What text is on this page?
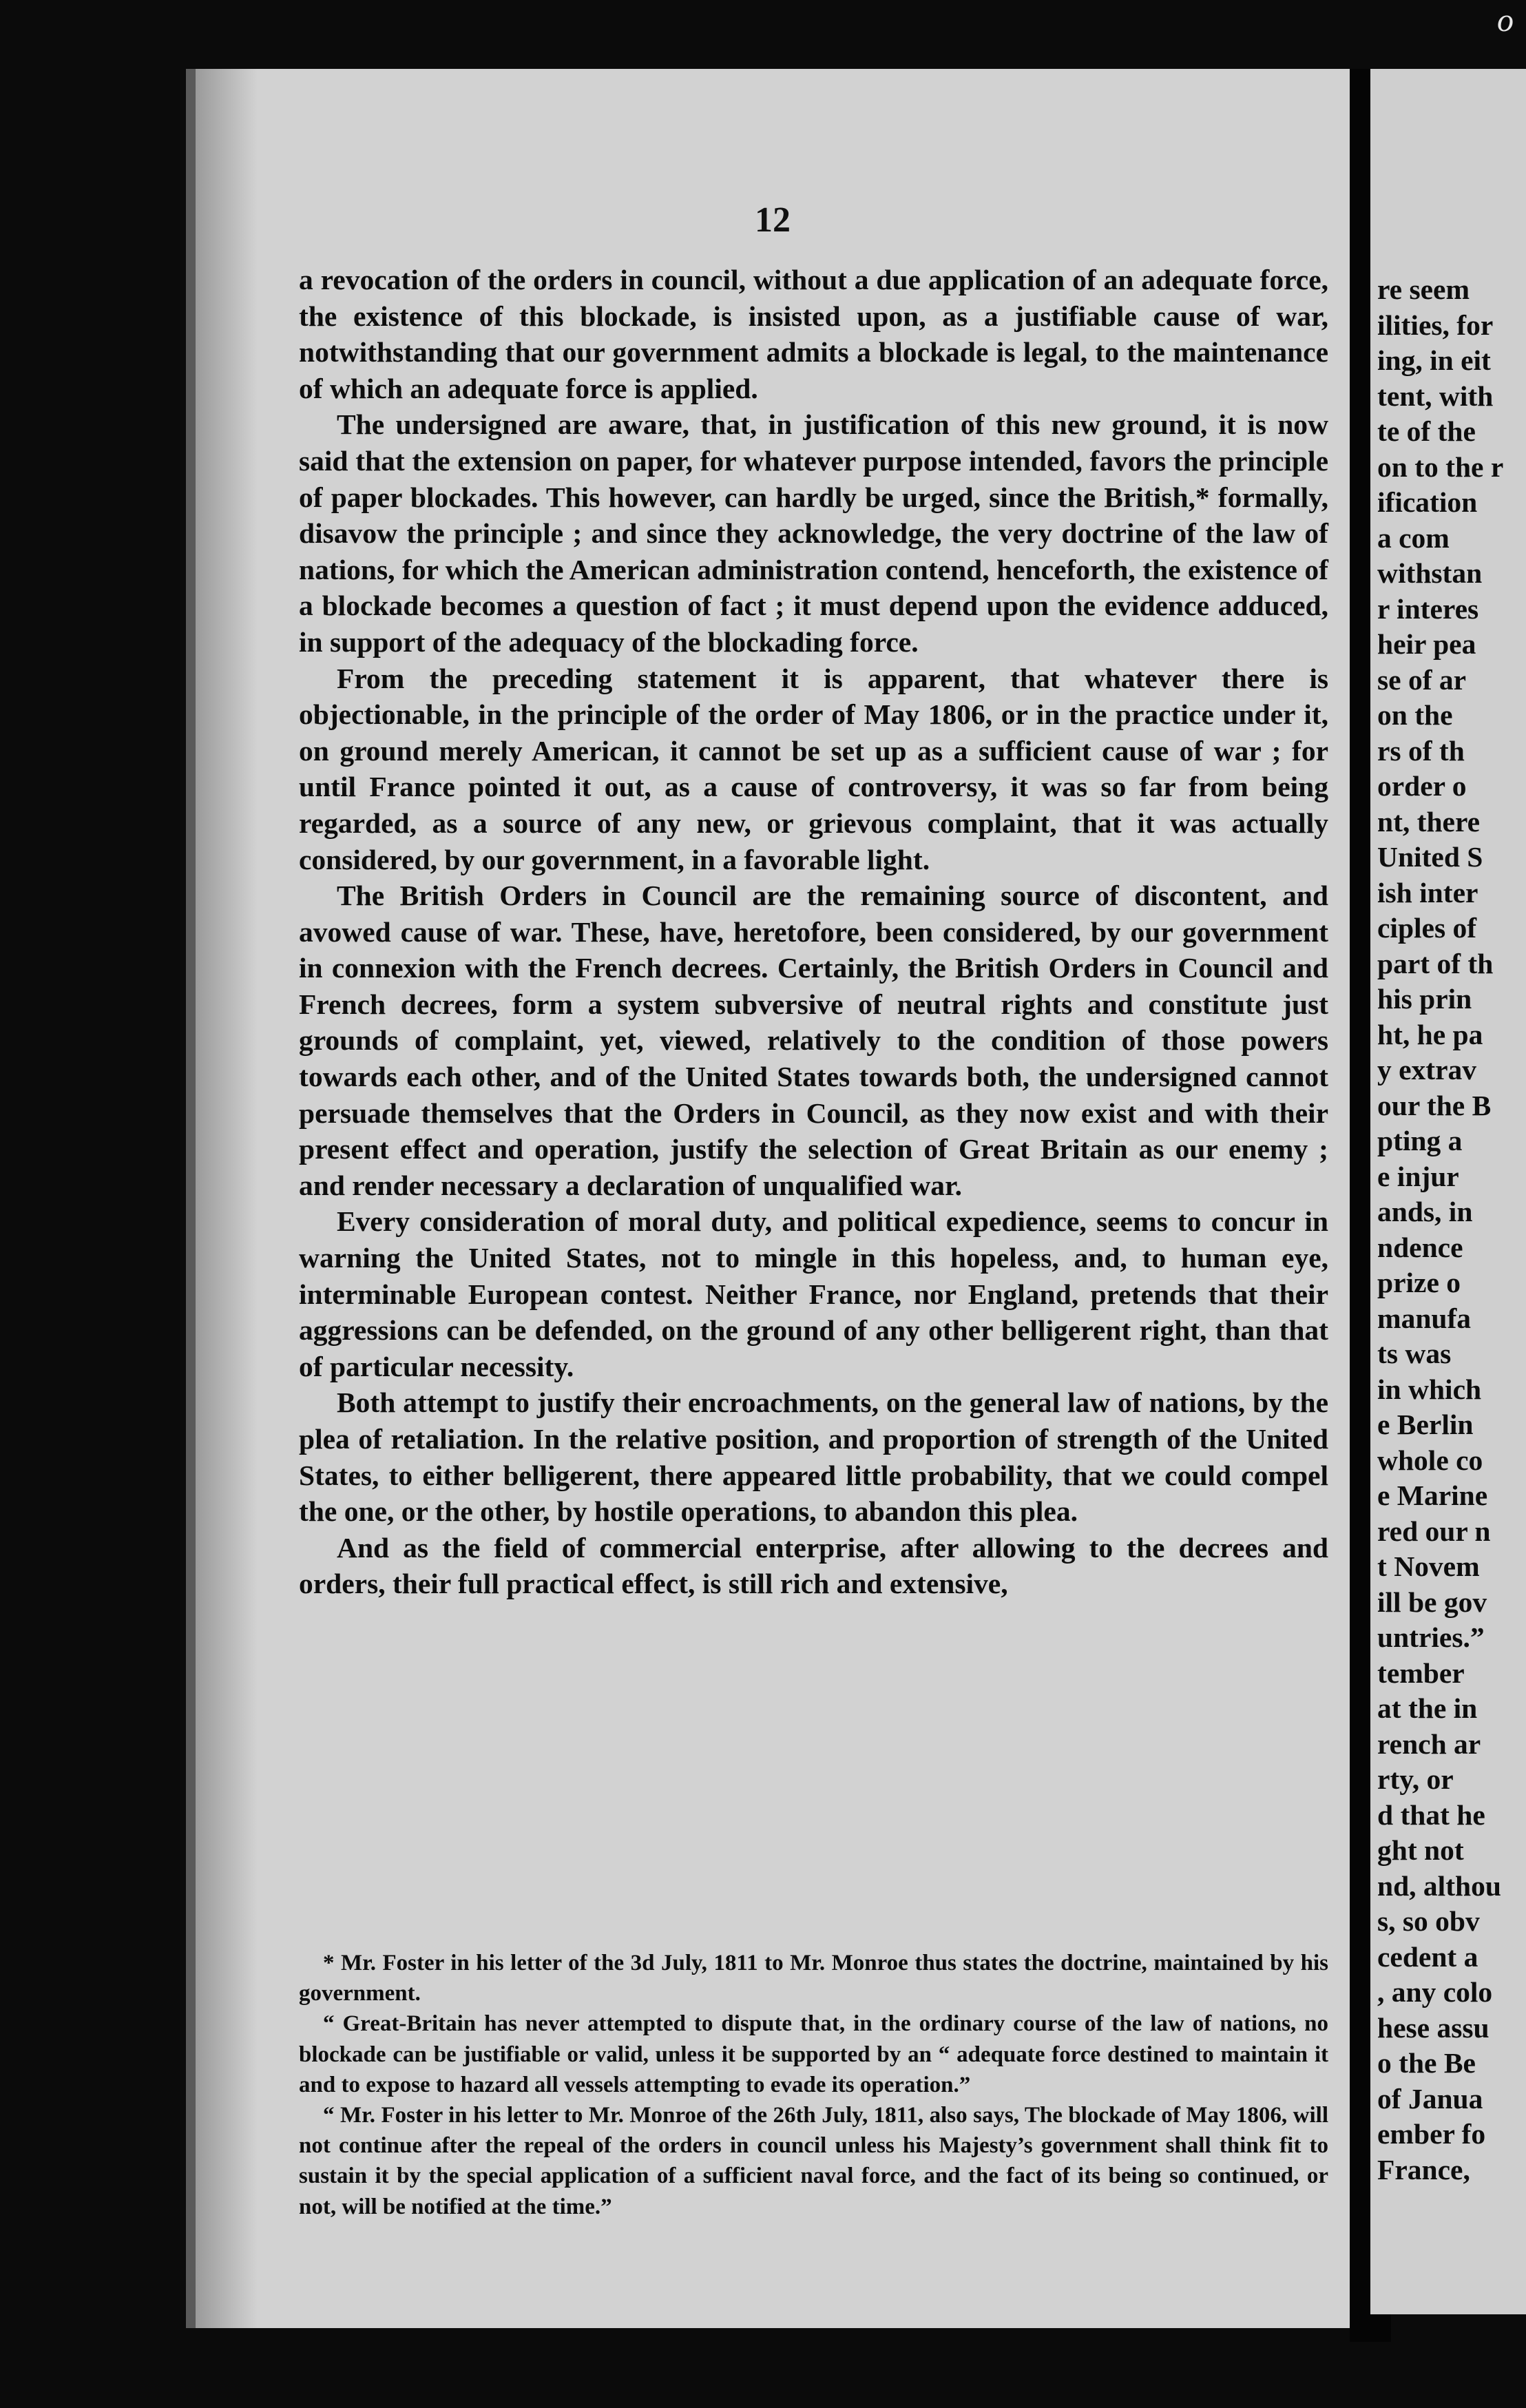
o
12

a revocation of the orders in council, without a due application of an adequate force, the existence of this blockade, is insisted upon, as a justifiable cause of war, notwithstanding that our government admits a blockade is legal, to the maintenance of which an adequate force is applied.

The undersigned are aware, that, in justification of this new ground, it is now said that the extension on paper, for whatever purpose intended, favors the principle of paper blockades. This however, can hardly be urged, since the British,* formally, disavow the principle ; and since they acknowledge, the very doctrine of the law of nations, for which the American administration contend, henceforth, the existence of a blockade becomes a question of fact ; it must depend upon the evidence adduced, in support of the adequacy of the blockading force.

From the preceding statement it is apparent, that whatever there is objectionable, in the principle of the order of May 1806, or in the practice under it, on ground merely American, it cannot be set up as a sufficient cause of war ; for until France pointed it out, as a cause of controversy, it was so far from being regarded, as a source of any new, or grievous complaint, that it was actually considered, by our government, in a favorable light.

The British Orders in Council are the remaining source of discontent, and avowed cause of war. These, have, heretofore, been considered, by our government in connexion with the French decrees. Certainly, the British Orders in Council and French decrees, form a system subversive of neutral rights and constitute just grounds of complaint, yet, viewed, relatively to the condition of those powers towards each other, and of the United States towards both, the undersigned cannot persuade themselves that the Orders in Council, as they now exist and with their present effect and operation, justify the selection of Great Britain as our enemy ; and render necessary a declaration of unqualified war.

Every consideration of moral duty, and political expedience, seems to concur in warning the United States, not to mingle in this hopeless, and, to human eye, interminable European contest. Neither France, nor England, pretends that their aggressions can be defended, on the ground of any other belligerent right, than that of particular necessity.

Both attempt to justify their encroachments, on the general law of nations, by the plea of retaliation. In the relative position, and proportion of strength of the United States, to either belligerent, there appeared little probability, that we could compel the one, or the other, by hostile operations, to abandon this plea.

And as the field of commercial enterprise, after allowing to the decrees and orders, their full practical effect, is still rich and extensive,

* Mr. Foster in his letter of the 3d July, 1811 to Mr. Monroe thus states the doctrine, maintained by his government.

“ Great-Britain has never attempted to dispute that, in the ordinary course of the law of nations, no blockade can be justifiable or valid, unless it be supported by an “ adequate force destined to maintain it and to expose to hazard all vessels attempting to evade its operation.”

“ Mr. Foster in his letter to Mr. Monroe of the 26th July, 1811, also says, The blockade of May 1806, will not continue after the repeal of the orders in council unless his Majesty’s government shall think fit to sustain it by the special application of a sufficient naval force, and the fact of its being so continued, or not, will be notified at the time.”

re seem
ilities, for
ing, in eit
tent, with
te of the
on to the r
ification
a com
withstan
r interes
heir pea
se of ar
on the
rs of th
order o
nt, there
United S
ish inter
ciples of
part of th
his prin
ht, he pa
y extrav
our the B
pting a
e injur
ands, in
ndence
prize o
manufa
ts was
in which
e Berlin
whole co
e Marine
red our n
t Novem
ill be gov
untries.”
tember
at the in
rench ar
rty, or
d that he
ght not
nd, althou
s, so obv
cedent a
, any colo
hese assu
o the Be
of Janua
ember fo
France,
